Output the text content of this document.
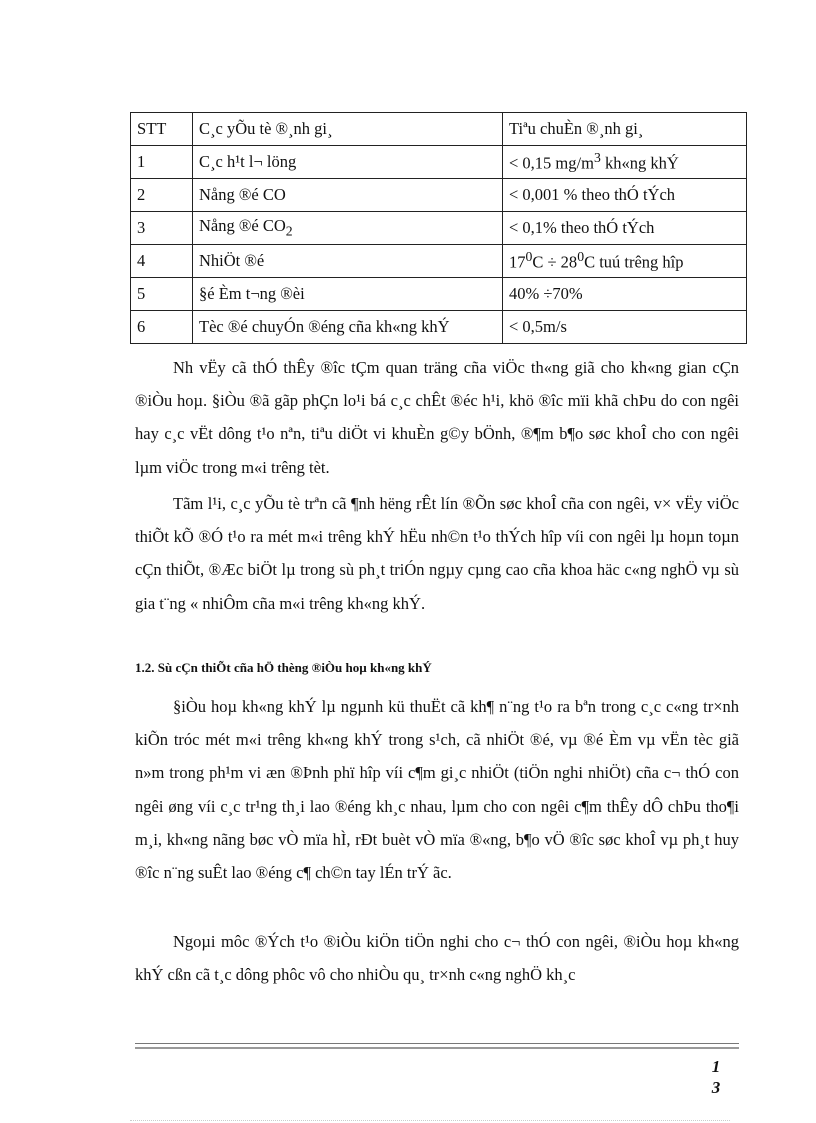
STT	C¸c yÕu tè ®¸nh gi¸	Tiªu chuÈn ®¸nh gi¸
1	C¸c h¹t l¬ löng	< 0,15 $mg/m^3$ kh«ng khÝ
2	Nång ®é CO	< 0,001 % theo thÓ tÝch
3	Nång ®é $CO_2$	< 0,1% theo thÓ tÝch
4	NhiÖt ®é	$17^0C \div 28^0C$ tuú trêng hîp
5	§é Èm t¬ng ®èi	40% ÷70%
6	Tèc ®é chuyÓn ®éng cña kh«ng khÝ	< 0,5m/s

Nh vËy cã thÓ thÊy ®îc tÇm quan träng cña viÖc th«ng giã cho kh«ng gian cÇn ®iÒu hoµ. §iÒu ®ã gãp phÇn lo¹i bá c¸c chÊt ®éc h¹i, khö ®îc mïi khã chÞu do con ngêi hay c¸c vËt dông t¹o nªn, tiªu diÖt vi khuÈn g©y bÖnh, ®¶m b¶o søc khoÎ cho con ngêi lµm viÖc trong m«i trêng tèt.

Tãm l¹i, c¸c yÕu tè trªn cã ¶nh hëng rÊt lín ®Õn søc khoÎ cña con ngêi, v× vËy viÖc thiÕt kÕ ®Ó t¹o ra mét m«i trêng khÝ hËu nh©n t¹o thÝch hîp víi con ngêi lµ hoµn toµn cÇn thiÕt, ®Æc biÖt lµ trong sù ph¸t triÓn ngµy cµng cao cña khoa häc c«ng nghÖ vµ sù gia t¨ng « nhiÔm cña m«i trêng kh«ng khÝ.

1.2. Sù cÇn thiÕt cña hÖ thèng ®iÒu hoµ kh«ng khÝ

§iÒu hoµ kh«ng khÝ lµ ngµnh kü thuËt cã kh¶ n¨ng t¹o ra bªn trong c¸c c«ng tr×nh kiÕn tróc mét m«i trêng kh«ng khÝ trong s¹ch, cã nhiÖt ®é, vµ ®é Èm vµ vËn tèc giã n»m trong ph¹m vi æn ®Þnh phï hîp víi c¶m gi¸c nhiÖt (tiÖn nghi nhiÖt) cña c¬ thÓ con ngêi øng víi c¸c tr¹ng th¸i lao ®éng kh¸c nhau, lµm cho con ngêi c¶m thÊy dÔ chÞu tho¶i m¸i, kh«ng nãng bøc vÒ mïa hÌ, rÐt buèt vÒ mïa ®«ng, b¶o vÖ ®îc søc khoÎ vµ ph¸t huy ®îc n¨ng suÊt lao ®éng c¶ ch©n tay lÉn trÝ ãc.

Ngoµi môc ®Ých t¹o ®iÒu kiÖn tiÖn nghi cho c¬ thÓ con ngêi, ®iÒu hoµ kh«ng khÝ cßn cã t¸c dông phôc vô cho nhiÒu qu¸ tr×nh c«ng nghÖ kh¸c

1
3
